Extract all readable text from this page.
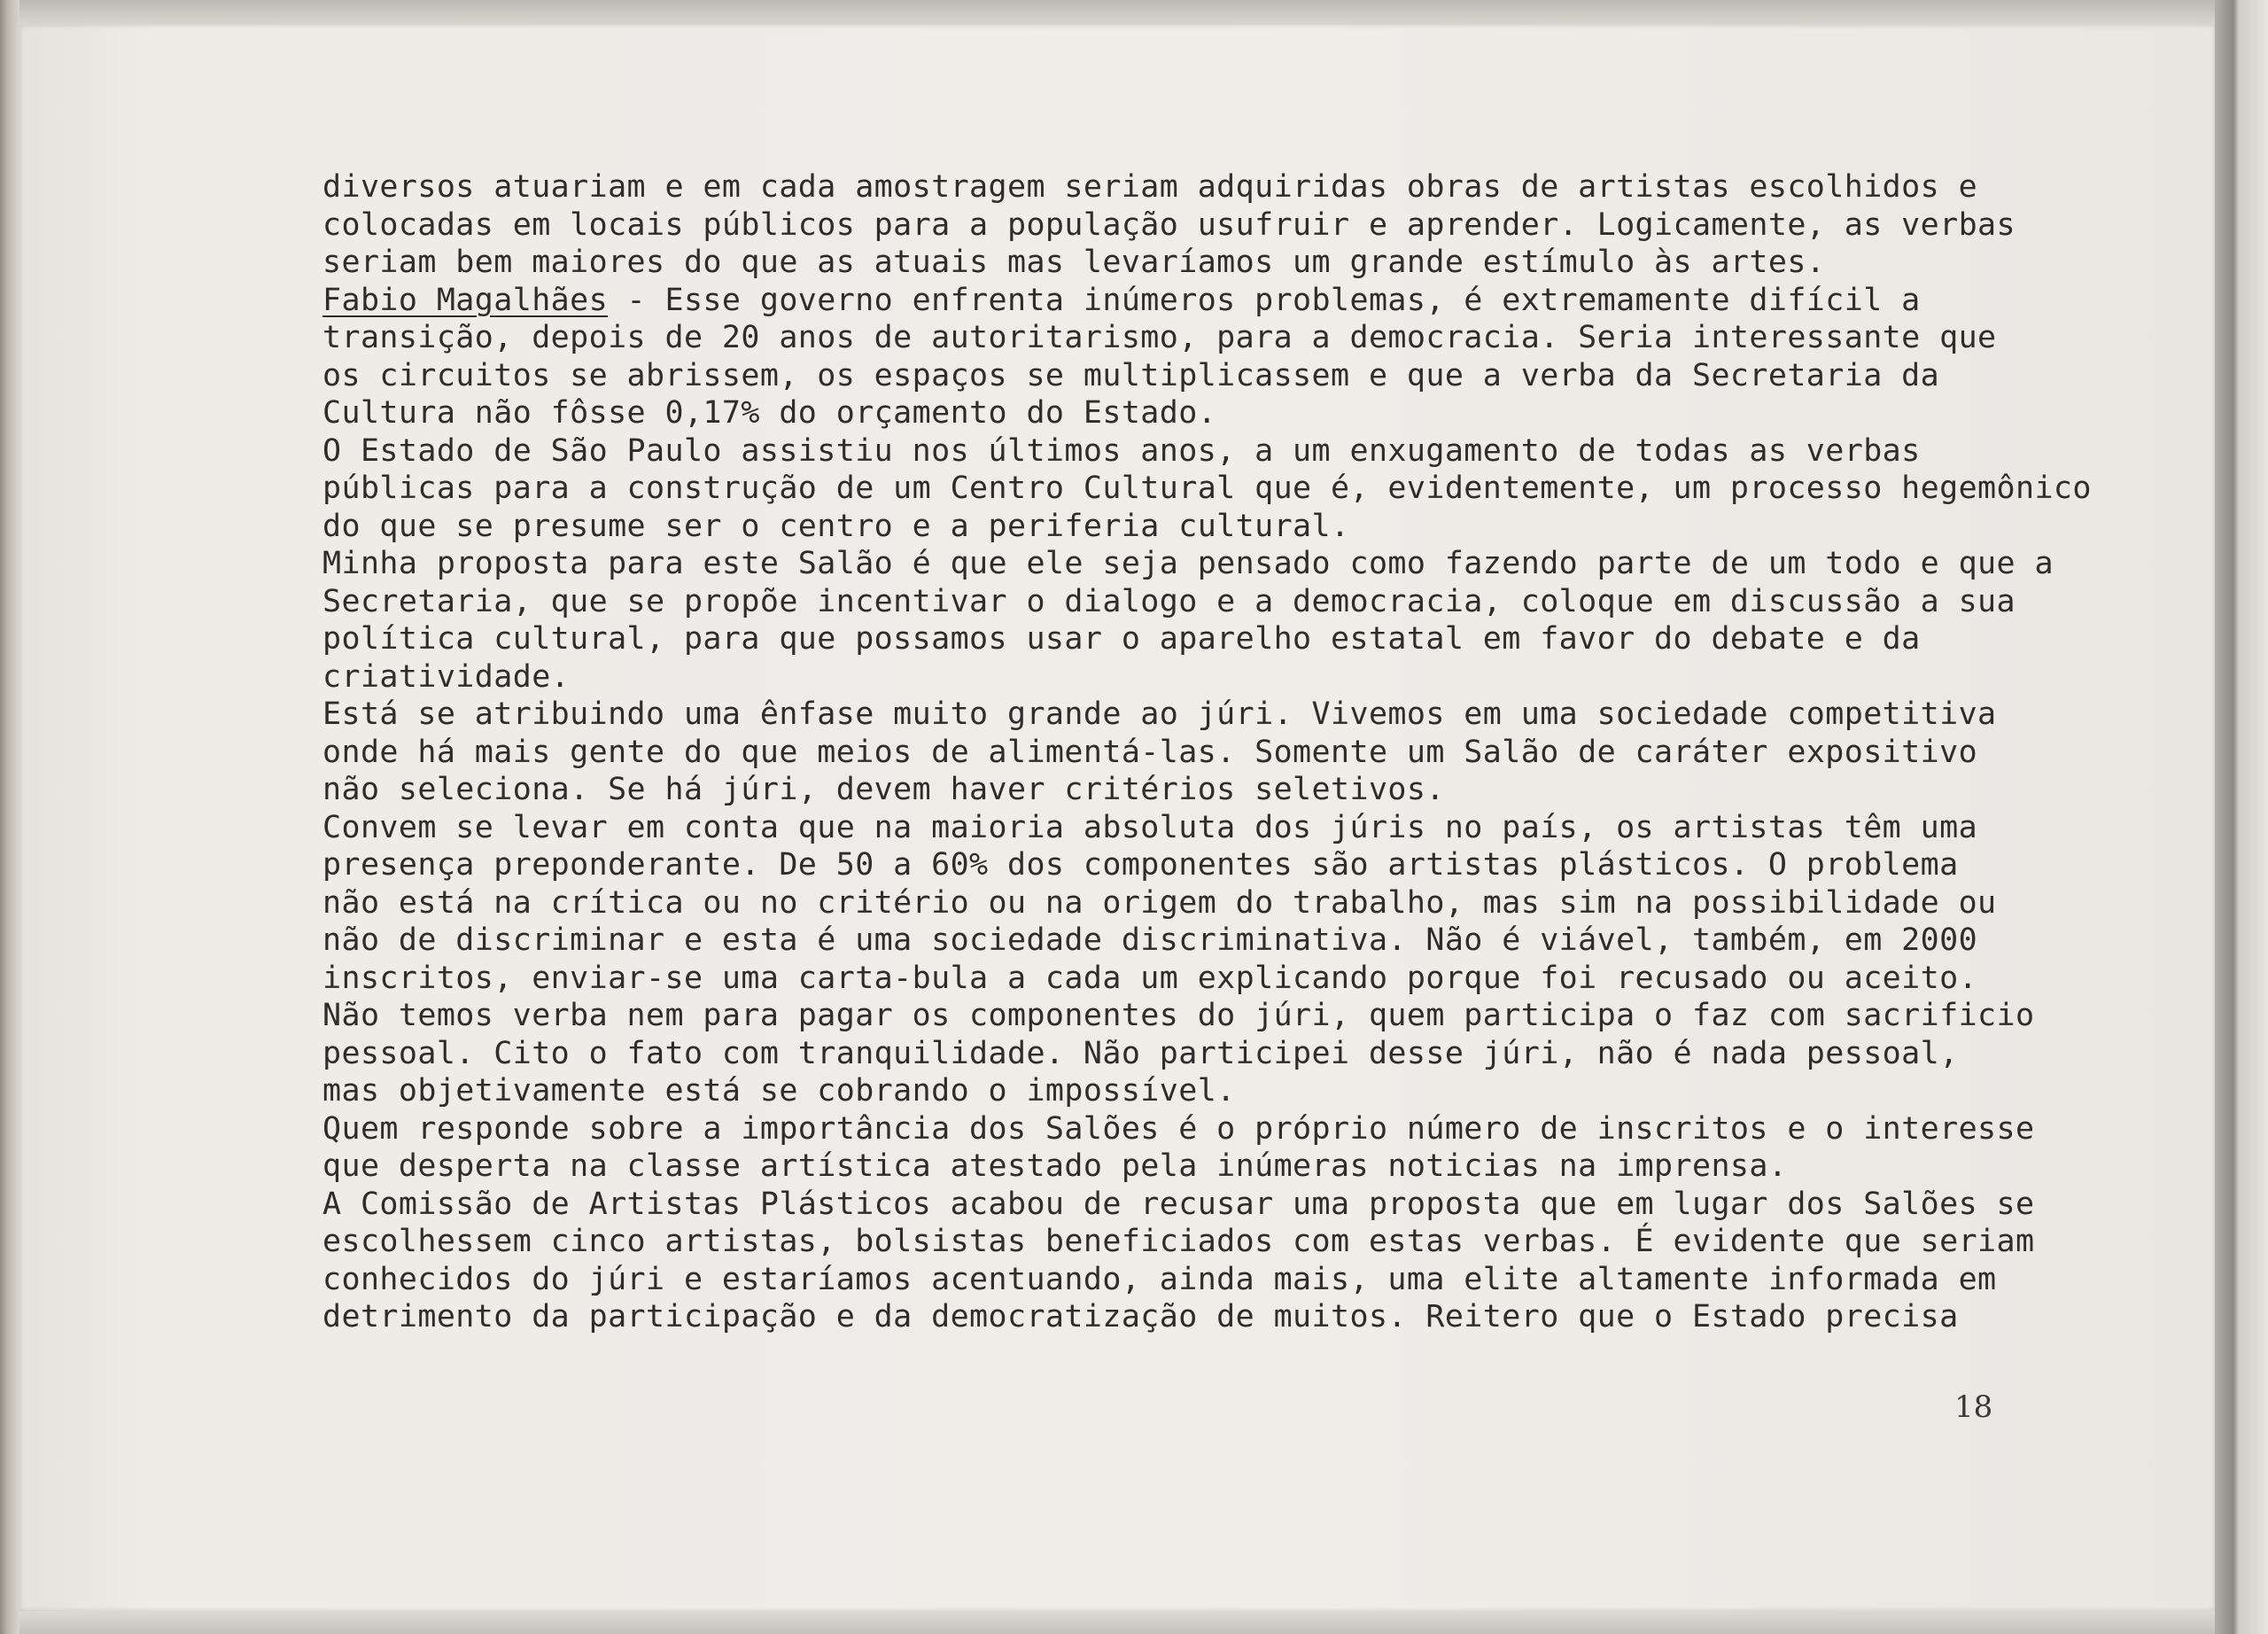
diversos atuariam e em cada amostragem seriam adquiridas obras de artistas escolhidos e
colocadas em locais públicos para a população usufruir e aprender. Logicamente, as verbas
seriam bem maiores do que as atuais mas levaríamos um grande estímulo às artes.
Fabio Magalhães - Esse governo enfrenta inúmeros problemas, é extremamente difícil a
transição, depois de 20 anos de autoritarismo, para a democracia. Seria interessante que
os circuitos se abrissem, os espaços se multiplicassem e que a verba da Secretaria da
Cultura não fôsse 0,17% do orçamento do Estado.
O Estado de São Paulo assistiu nos últimos anos, a um enxugamento de todas as verbas
públicas para a construção de um Centro Cultural que é, evidentemente, um processo hegemônico
do que se presume ser o centro e a periferia cultural.
Minha proposta para este Salão é que ele seja pensado como fazendo parte de um todo e que a
Secretaria, que se propõe incentivar o dialogo e a democracia, coloque em discussão a sua
política cultural, para que possamos usar o aparelho estatal em favor do debate e da
criatividade.
Está se atribuindo uma ênfase muito grande ao júri. Vivemos em uma sociedade competitiva
onde há mais gente do que meios de alimentá-las. Somente um Salão de caráter expositivo
não seleciona. Se há júri, devem haver critérios seletivos.
Convem se levar em conta que na maioria absoluta dos júris no país, os artistas têm uma
presença preponderante. De 50 a 60% dos componentes são artistas plásticos. O problema
não está na crítica ou no critério ou na origem do trabalho, mas sim na possibilidade ou
não de discriminar e esta é uma sociedade discriminativa. Não é viável, também, em 2000
inscritos, enviar-se uma carta-bula a cada um explicando porque foi recusado ou aceito.
Não temos verba nem para pagar os componentes do júri, quem participa o faz com sacrificio
pessoal. Cito o fato com tranquilidade. Não participei desse júri, não é nada pessoal,
mas objetivamente está se cobrando o impossível.
Quem responde sobre a importância dos Salões é o próprio número de inscritos e o interesse
que desperta na classe artística atestado pela inúmeras noticias na imprensa.
A Comissão de Artistas Plásticos acabou de recusar uma proposta que em lugar dos Salões se
escolhessem cinco artistas, bolsistas beneficiados com estas verbas. É evidente que seriam
conhecidos do júri e estaríamos acentuando, ainda mais, uma elite altamente informada em
detrimento da participação e da democratização de muitos. Reitero que o Estado precisa
18
